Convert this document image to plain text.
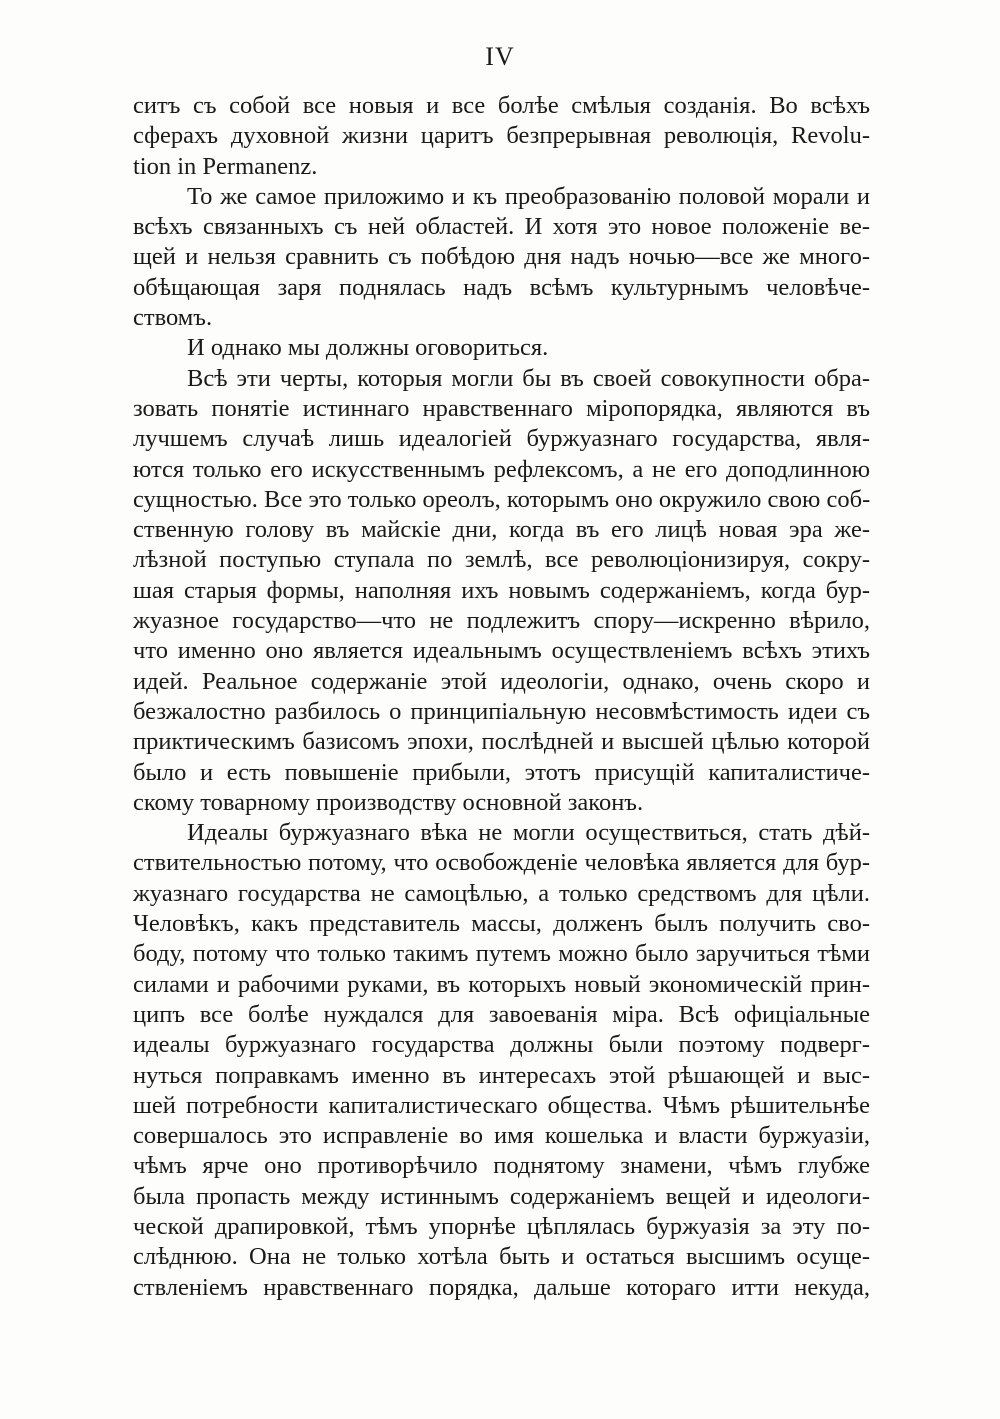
IV
ситъ съ собой все новыя и все болѣе смѣлыя созданія. Во всѣхъ
сферахъ духовной жизни царитъ безпрерывная революція, Revolu-
tion in Permanenz.
То же самое приложимо и къ преобразованію половой морали и
всѣхъ связанныхъ съ ней областей. И хотя это новое положеніе ве-
щей и нельзя сравнить съ побѣдою дня надъ ночью—все же много-
обѣщающая заря поднялась надъ всѣмъ культурнымъ человѣче-
ствомъ.
И однако мы должны оговориться.
Всѣ эти черты, которыя могли бы въ своей совокупности обра-
зовать понятіе истиннаго нравственнаго міропорядка, являются въ
лучшемъ случаѣ лишь идеалогіей буржуазнаго государства, явля-
ются только его искусственнымъ рефлексомъ, а не его доподлинною
сущностью. Все это только ореолъ, которымъ оно окружило свою соб-
ственную голову въ майскіе дни, когда въ его лицѣ новая эра же-
лѣзной поступью ступала по землѣ, все революціонизируя, сокру-
шая старыя формы, наполняя ихъ новымъ содержаніемъ, когда бур-
жуазное государство—что не подлежитъ спору—искренно вѣрило,
что именно оно является идеальнымъ осуществленіемъ всѣхъ этихъ
идей. Реальное содержаніе этой идеологіи, однако, очень скоро и
безжалостно разбилось о принципіальную несовмѣстимость идеи съ
приктическимъ базисомъ эпохи, послѣдней и высшей цѣлью которой
было и есть повышеніе прибыли, этотъ присущій капиталистиче-
скому товарному производству основной законъ.
Идеалы буржуазнаго вѣка не могли осуществиться, стать дѣй-
ствительностью потому, что освобожденіе человѣка является для бур-
жуазнаго государства не самоцѣлью, а только средствомъ для цѣли.
Человѣкъ, какъ представитель массы, долженъ былъ получить сво-
боду, потому что только такимъ путемъ можно было заручиться тѣми
силами и рабочими руками, въ которыхъ новый экономическій прин-
ципъ все болѣе нуждался для завоеванія міра. Всѣ офиціальные
идеалы буржуазнаго государства должны были поэтому подверг-
нуться поправкамъ именно въ интересахъ этой рѣшающей и выс-
шей потребности капиталистическаго общества. Чѣмъ рѣшительнѣе
совершалось это исправленіе во имя кошелька и власти буржуазіи,
чѣмъ ярче оно противорѣчило поднятому знамени, чѣмъ глубже
была пропасть между истиннымъ содержаніемъ вещей и идеологи-
ческой драпировкой, тѣмъ упорнѣе цѣплялась буржуазія за эту по-
слѣднюю. Она не только хотѣла быть и остаться высшимъ осуще-
ствленіемъ нравственнаго порядка, дальше котораго итти некуда,
